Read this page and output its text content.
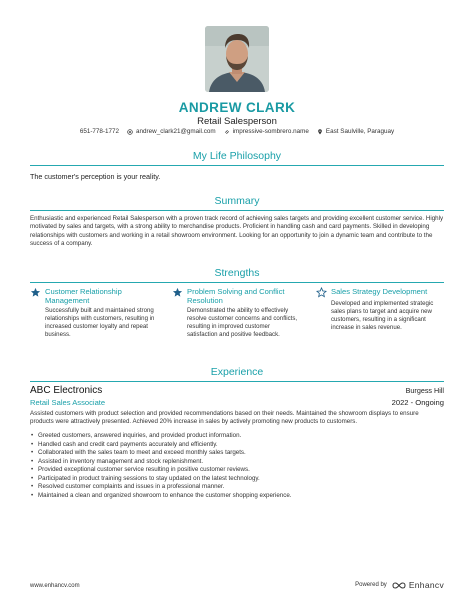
ANDREW CLARK
Retail Salesperson
651-778-1772	andrew_clark21@gmail.com	impressive-sombrero.name	East Saulville, Paraguay
My Life Philosophy
The customer's perception is your reality.
Summary
Enthusiastic and experienced Retail Salesperson with a proven track record of achieving sales targets and providing excellent customer service. Highly motivated by sales and targets, with a strong ability to merchandise products. Proficient in handling cash and card payments. Skilled in developing relationships with customers and working in a retail showroom environment. Looking for an opportunity to join a dynamic team and contribute to the success of a company.
Strengths
Customer Relationship Management
Successfully built and maintained strong relationships with customers, resulting in increased customer loyalty and repeat business.
Problem Solving and Conflict Resolution
Demonstrated the ability to effectively resolve customer concerns and conflicts, resulting in improved customer satisfaction and positive feedback.
Sales Strategy Development
Developed and implemented strategic sales plans to target and acquire new customers, resulting in a significant increase in sales revenue.
Experience
ABC Electronics	Burgess Hill
Retail Sales Associate	2022 - Ongoing
Assisted customers with product selection and provided recommendations based on their needs. Maintained the showroom displays to ensure products were attractively presented. Achieved 20% increase in sales by actively promoting new products to customers.
• Greeted customers, answered inquiries, and provided product information.
• Handled cash and credit card payments accurately and efficiently.
• Collaborated with the sales team to meet and exceed monthly sales targets.
• Assisted in inventory management and stock replenishment.
• Provided exceptional customer service resulting in positive customer reviews.
• Participated in product training sessions to stay updated on the latest technology.
• Resolved customer complaints and issues in a professional manner.
• Maintained a clean and organized showroom to enhance the customer shopping experience.
www.enhancv.com	Powered by	Enhancv
